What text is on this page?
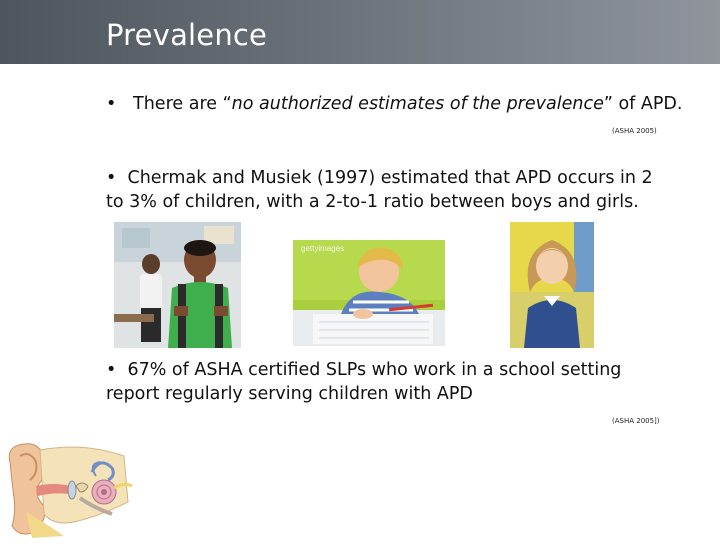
Prevalence
• There are “no authorized estimates of the prevalence” of APD.
(ASHA 2005)
• Chermak and Musiek (1997) estimated that APD occurs in 2
to 3% of children, with a 2-to-1 ratio between boys and girls.
gettyimages
• 67% of ASHA certified SLPs who work in a school setting
report regularly serving children with APD
(ASHA 2005])
